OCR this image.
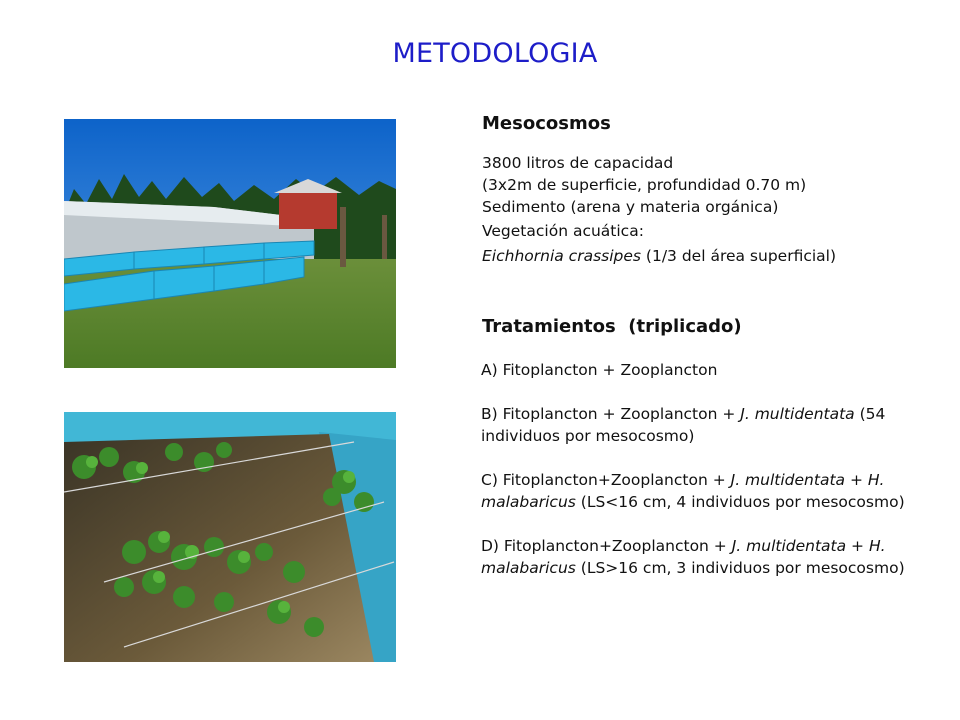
METODOLOGIA
Mesocosmos
3800 litros de capacidad
(3x2m de superficie, profundidad 0.70 m)
Sedimento (arena y materia orgánica)
Vegetación acuática:
Eichhornia crassipes (1/3 del área superficial)
Tratamientos  (triplicado)
A) Fitoplancton + Zooplancton
B) Fitoplancton + Zooplancton + J. multidentata (54 individuos por mesocosmo)
C) Fitoplancton+Zooplancton + J. multidentata + H. malabaricus (LS<16 cm, 4 individuos por mesocosmo)
D) Fitoplancton+Zooplancton + J. multidentata + H. malabaricus (LS>16 cm, 3 individuos por mesocosmo)
